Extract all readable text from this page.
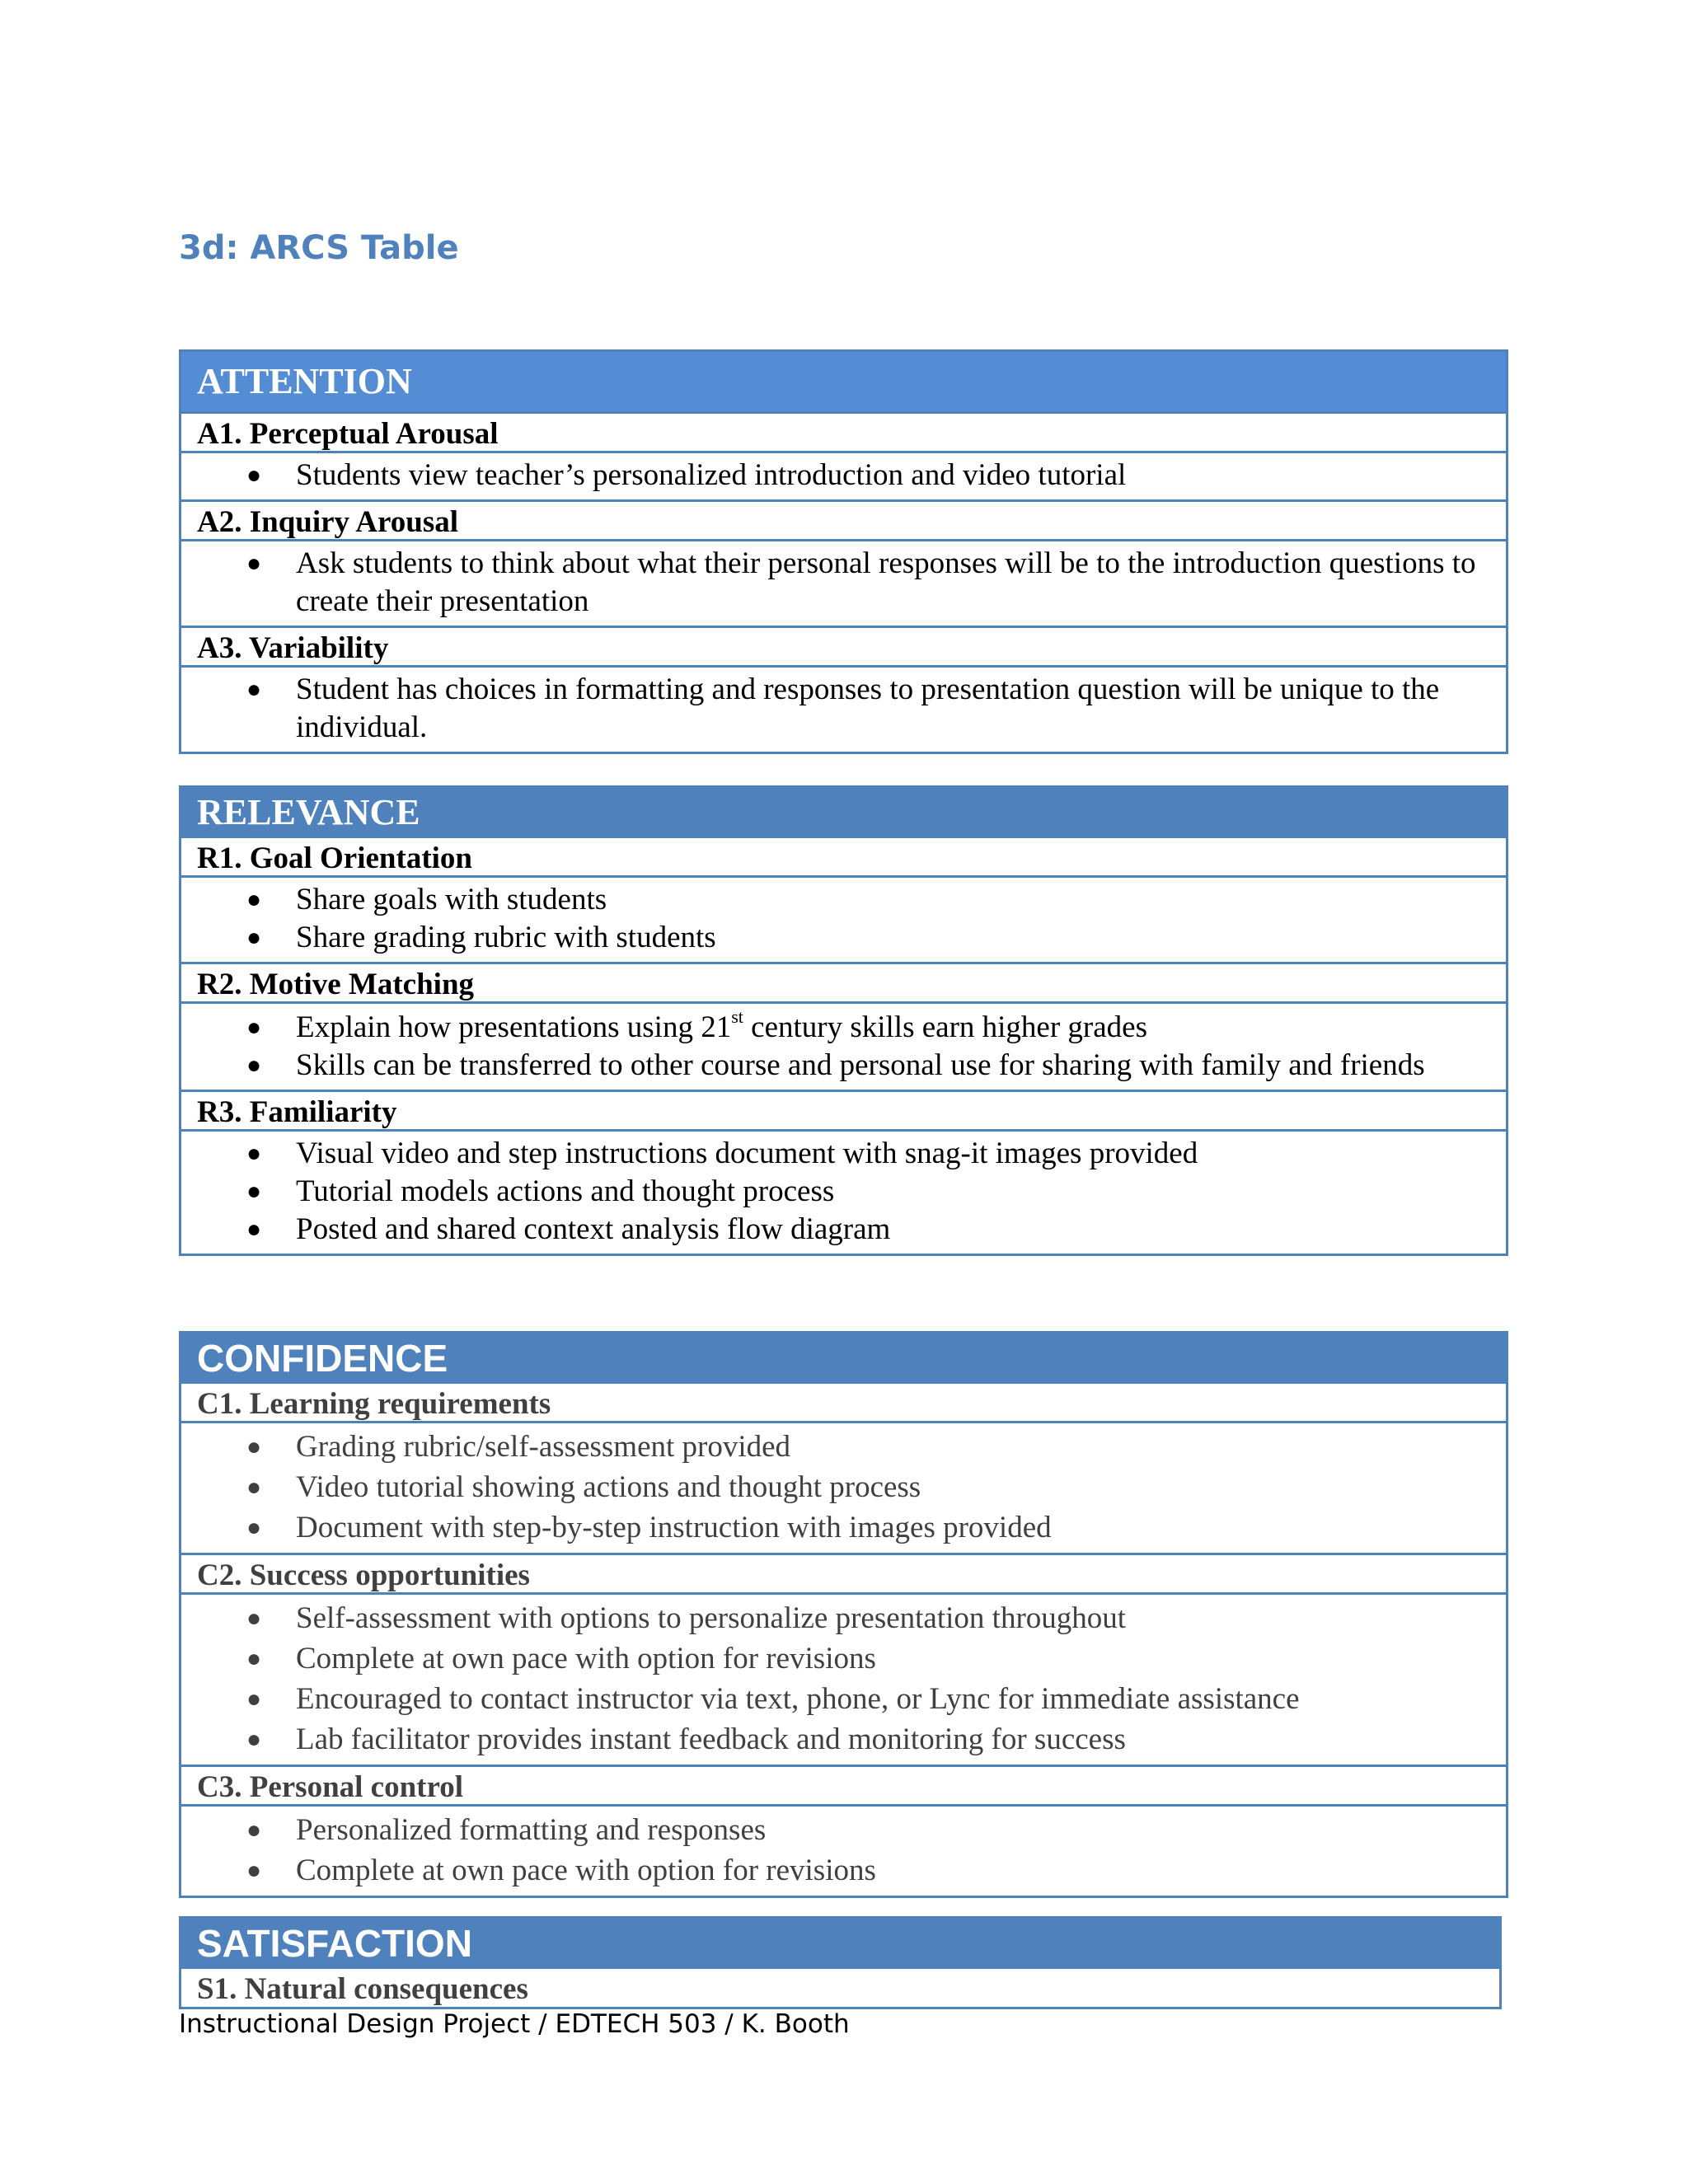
3d: ARCS Table
ATTENTION
A1. Perceptual Arousal
● Students view teacher’s personalized introduction and video tutorial
A2. Inquiry Arousal
● Ask students to think about what their personal responses will be to the introduction questions to create their presentation
A3. Variability
● Student has choices in formatting and responses to presentation question will be unique to the individual.
RELEVANCE
R1. Goal Orientation
● Share goals with students
● Share grading rubric with students
R2. Motive Matching
● Explain how presentations using 21st century skills earn higher grades
● Skills can be transferred to other course and personal use for sharing with family and friends
R3. Familiarity
● Visual video and step instructions document with snag-it images provided
● Tutorial models actions and thought process
● Posted and shared context analysis flow diagram
CONFIDENCE
C1. Learning requirements
● Grading rubric/self-assessment provided
● Video tutorial showing actions and thought process
● Document with step-by-step instruction with images provided
C2. Success opportunities
● Self-assessment with options to personalize presentation throughout
● Complete at own pace with option for revisions
● Encouraged to contact instructor via text, phone, or Lync for immediate assistance
● Lab facilitator provides instant feedback and monitoring for success
C3. Personal control
● Personalized formatting and responses
● Complete at own pace with option for revisions
SATISFACTION
S1. Natural consequences
Instructional Design Project / EDTECH 503 / K. Booth
